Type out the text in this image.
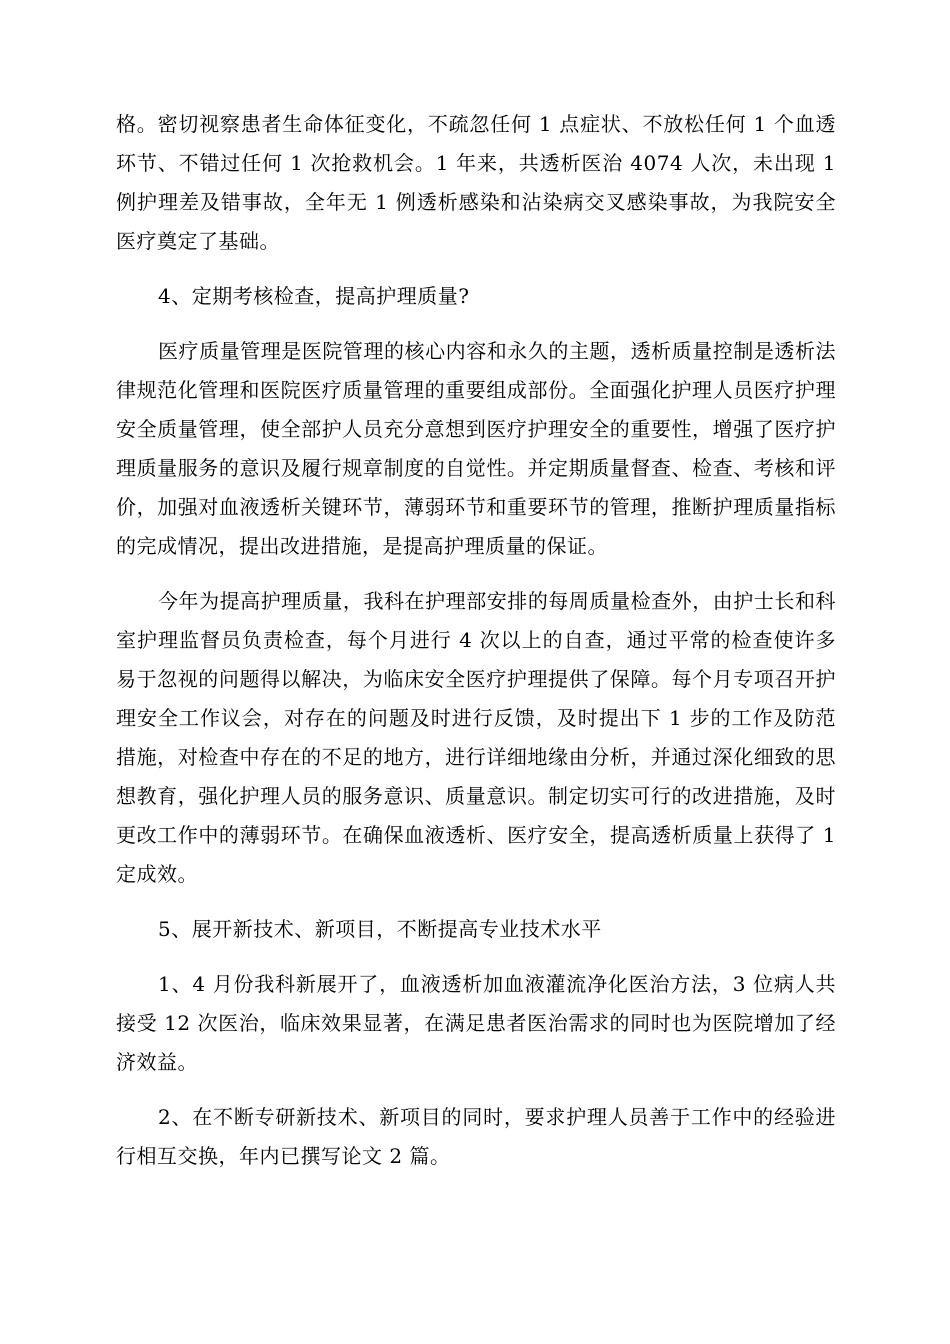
格。密切视察患者生命体征变化，不疏忽任何 1 点症状、不放松任何 1 个血透环节、不错过任何 1 次抢救机会。1 年来，共透析医治 4074 人次，未出现 1 例护理差及错事故，全年无 1 例透析感染和沾染病交叉感染事故，为我院安全医疗奠定了基础。

4、定期考核检查，提高护理质量?

医疗质量管理是医院管理的核心内容和永久的主题，透析质量控制是透析法律规范化管理和医院医疗质量管理的重要组成部份。全面强化护理人员医疗护理安全质量管理，使全部护人员充分意想到医疗护理安全的重要性，增强了医疗护理质量服务的意识及履行规章制度的自觉性。并定期质量督查、检查、考核和评价，加强对血液透析关键环节，薄弱环节和重要环节的管理，推断护理质量指标的完成情况，提出改进措施，是提高护理质量的保证。

今年为提高护理质量，我科在护理部安排的每周质量检查外，由护士长和科室护理监督员负责检查，每个月进行 4 次以上的自查，通过平常的检查使许多易于忽视的问题得以解决，为临床安全医疗护理提供了保障。每个月专项召开护理安全工作议会，对存在的问题及时进行反馈，及时提出下 1 步的工作及防范措施，对检查中存在的不足的地方，进行详细地缘由分析，并通过深化细致的思想教育，强化护理人员的服务意识、质量意识。制定切实可行的改进措施，及时更改工作中的薄弱环节。在确保血液透析、医疗安全，提高透析质量上获得了 1 定成效。

5、展开新技术、新项目，不断提高专业技术水平

1、4 月份我科新展开了，血液透析加血液灌流净化医治方法，3 位病人共接受 12 次医治，临床效果显著，在满足患者医治需求的同时也为医院增加了经济效益。

2、在不断专研新技术、新项目的同时，要求护理人员善于工作中的经验进行相互交换，年内已撰写论文 2 篇。
